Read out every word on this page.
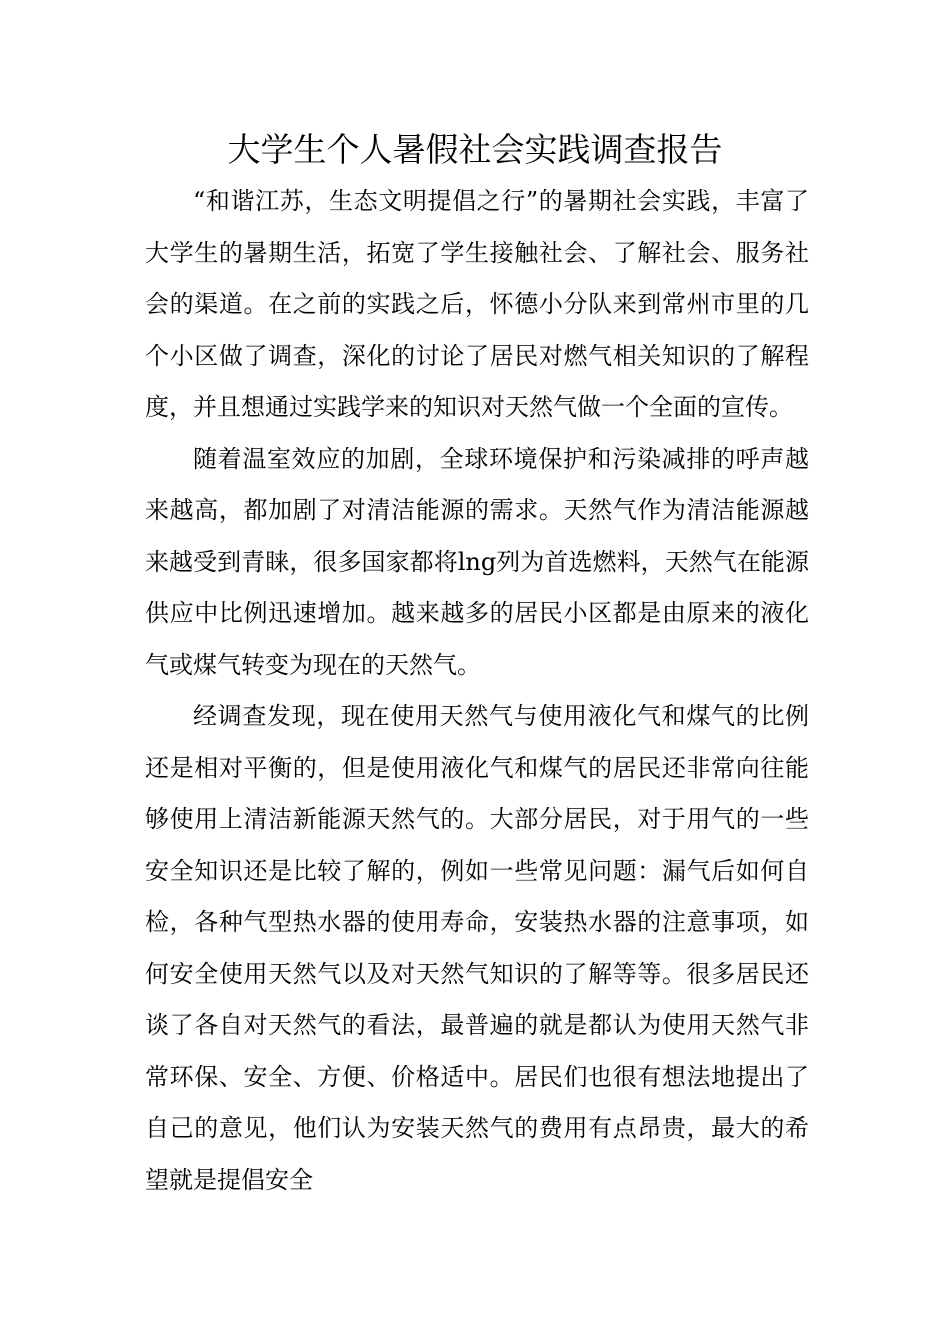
大学生个人暑假社会实践调查报告

“和谐江苏，生态文明提倡之行”的暑期社会实践，丰富了大学生的暑期生活，拓宽了学生接触社会、了解社会、服务社会的渠道。在之前的实践之后，怀德小分队来到常州市里的几个小区做了调查，深化的讨论了居民对燃气相关知识的了解程度，并且想通过实践学来的知识对天然气做一个全面的宣传。

随着温室效应的加剧，全球环境保护和污染减排的呼声越来越高，都加剧了对清洁能源的需求。天然气作为清洁能源越来越受到青睐，很多国家都将lng列为首选燃料，天然气在能源供应中比例迅速增加。越来越多的居民小区都是由原来的液化气或煤气转变为现在的天然气。

经调查发现，现在使用天然气与使用液化气和煤气的比例还是相对平衡的，但是使用液化气和煤气的居民还非常向往能够使用上清洁新能源天然气的。大部分居民，对于用气的一些安全知识还是比较了解的，例如一些常见问题：漏气后如何自检，各种气型热水器的使用寿命，安装热水器的注意事项，如何安全使用天然气以及对天然气知识的了解等等。很多居民还谈了各自对天然气的看法，最普遍的就是都认为使用天然气非常环保、安全、方便、价格适中。居民们也很有想法地提出了自己的意见，他们认为安装天然气的费用有点昂贵，最大的希望就是提倡安全
